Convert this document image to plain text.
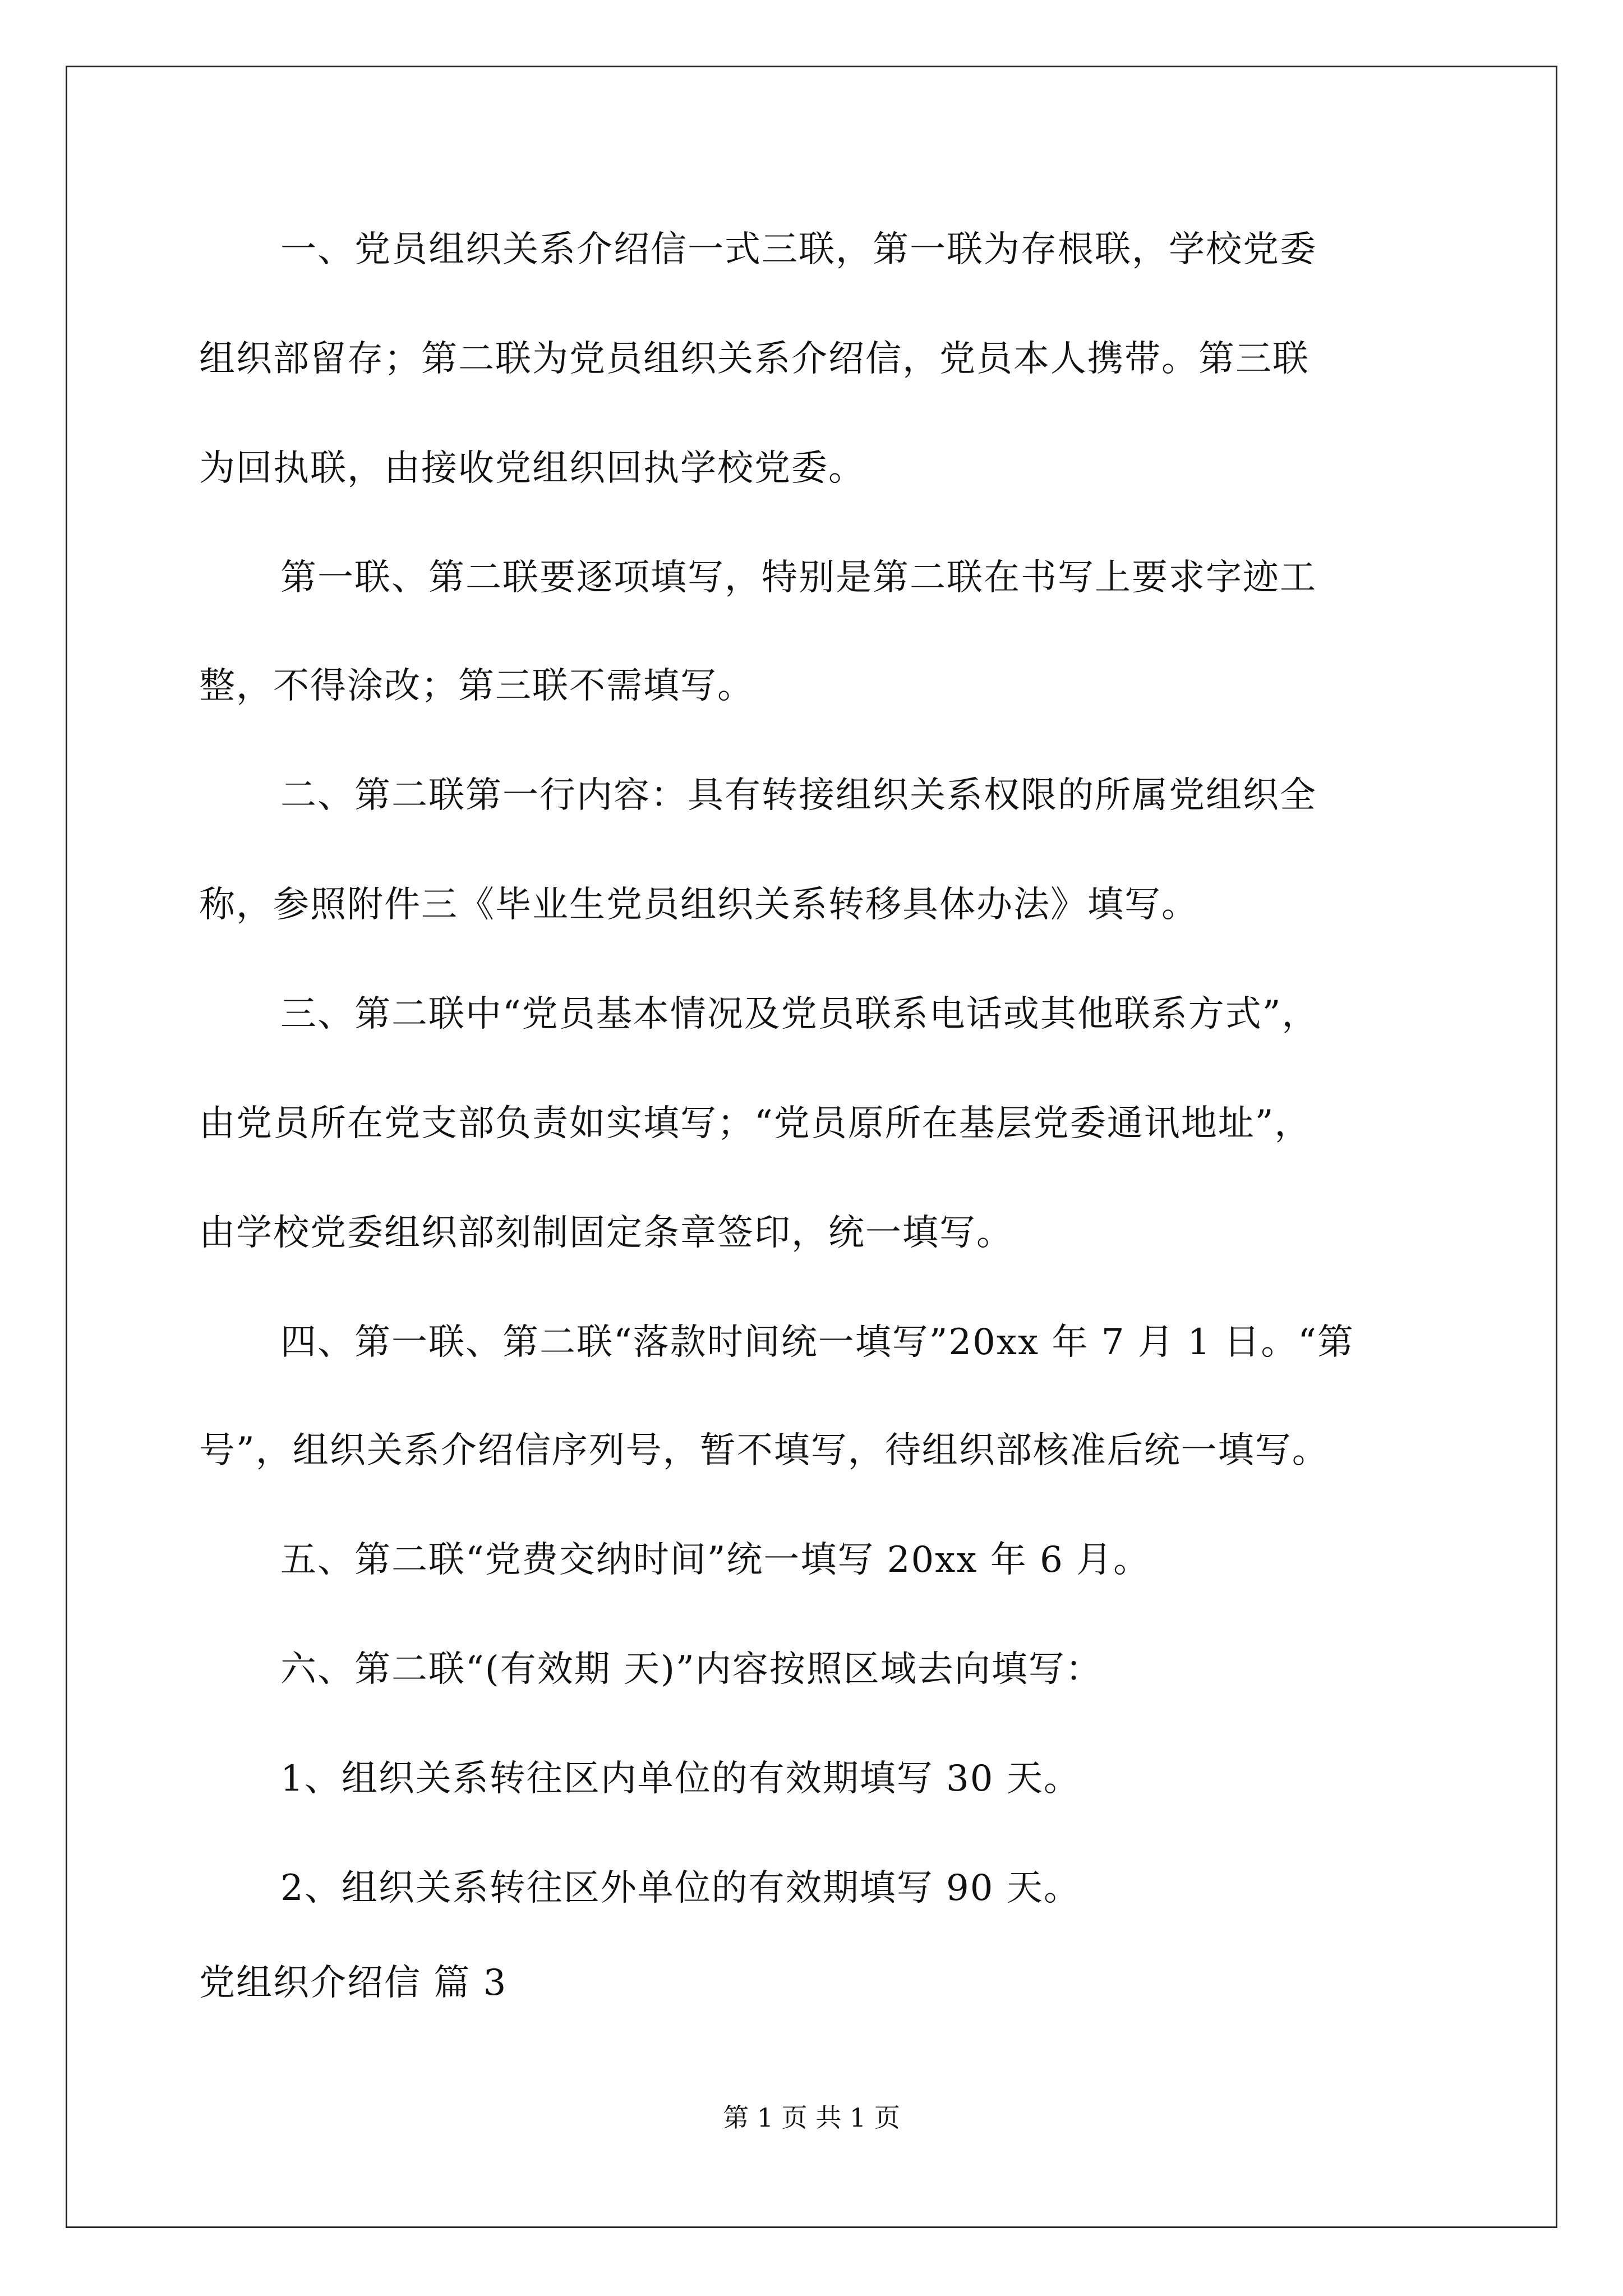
一、党员组织关系介绍信一式三联，第一联为存根联，学校党委
组织部留存；第二联为党员组织关系介绍信，党员本人携带。第三联
为回执联，由接收党组织回执学校党委。
第一联、第二联要逐项填写，特别是第二联在书写上要求字迹工
整，不得涂改；第三联不需填写。
二、第二联第一行内容：具有转接组织关系权限的所属党组织全
称，参照附件三《毕业生党员组织关系转移具体办法》填写。
三、第二联中“党员基本情况及党员联系电话或其他联系方式”，
由党员所在党支部负责如实填写；“党员原所在基层党委通讯地址”，
由学校党委组织部刻制固定条章签印，统一填写。
四、第一联、第二联“落款时间统一填写”20xx 年 7 月 1 日。“第
号”，组织关系介绍信序列号，暂不填写，待组织部核准后统一填写。
五、第二联“党费交纳时间”统一填写 20xx 年 6 月。
六、第二联“(有效期 天)”内容按照区域去向填写：
1、组织关系转往区内单位的有效期填写 30 天。
2、组织关系转往区外单位的有效期填写 90 天。
党组织介绍信 篇 3
第 1 页 共 1 页
